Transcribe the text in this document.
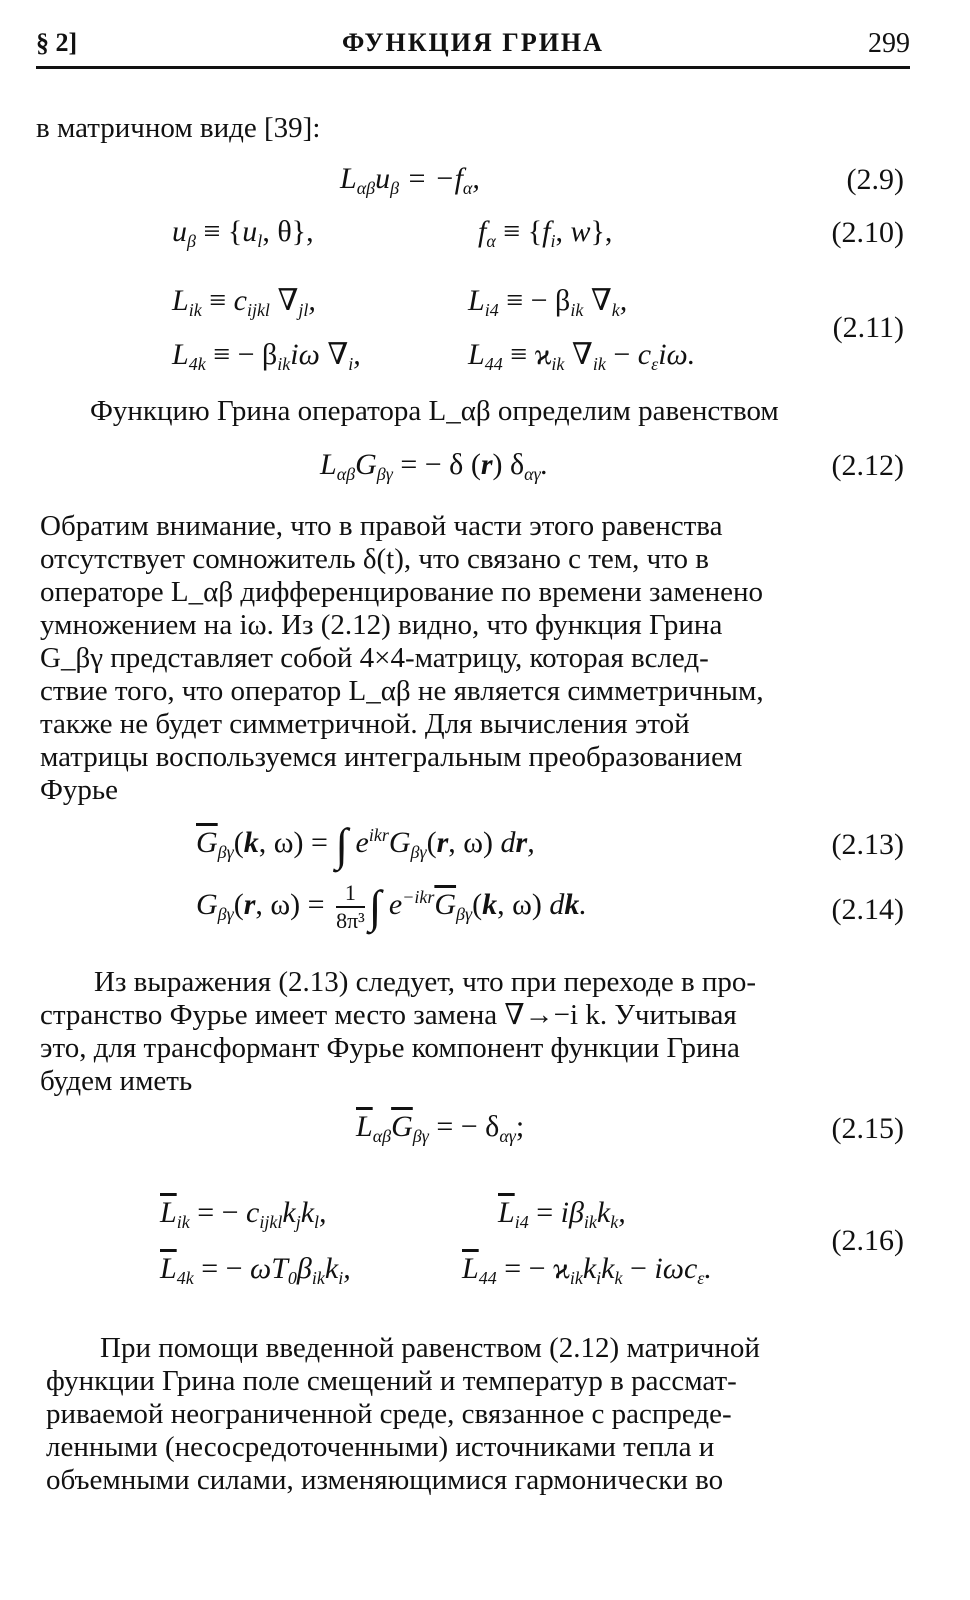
§ 2]	ФУНКЦИЯ ГРИНА	299
в матричном виде [39]:
$L_{\alpha\beta}u_\beta = -f_\alpha$,	(2.9)
$u_\beta \equiv \{u_l$, θ},	$f_\alpha \equiv \{f_i$, w},	(2.10)
$L_{ik} \equiv c_{ijkl}$ $\nabla_{jl}$,	$L_{i4}$ ≡ − $\beta_{ik}$ $\nabla_k$,
$L_{4k}$ ≡ − $\beta_{ik}i\omega$ $\nabla_i$,	$L_{44} \equiv ϰ_{ik}$ $\nabla_{ik} - c_\varepsilon i\omega$.
(2.11)
Функцию Грина оператора L_αβ определим равенством
$L_{\alpha\beta}G_{\beta\gamma}$ = − δ (r) $\delta_{\alpha\gamma}$.	(2.12)
Обратим внимание, что в правой части этого равенства
отсутствует сомножитель δ(t), что связано с тем, что в
операторе L_αβ дифференцирование по времени заменено
умножением на iω. Из (2.12) видно, что функция Грина
G_βγ представляет собой 4×4-матрицу, которая вслед-
ствие того, что оператор L_αβ не является симметричным,
также не будет симметричной. Для вычисления этой
матрицы воспользуемся интегральным преобразованием
Фурье
$\overline{G}_{\beta\gamma}(k$, ω) = ∫ $e^{ikr}G_{\beta\gamma}(r$, ω) dr,	(2.13)
$G_{\beta\gamma}(r$, $\omega) = \frac{1}{\text{8π³}}$ ∫ $e^{-ikr}\overline{G}_{\beta\gamma}(k$, ω) dk.	(2.14)
Из выражения (2.13) следует, что при переходе в про-
странство Фурье имеет место замена ∇→−i k. Учитывая
это, для трансформант Фурье компонент функции Грина
будем иметь
$\overline{L}_{\alpha\beta}\overline{G}_{\beta\gamma}$ = − $\delta_{\alpha\gamma}$;	(2.15)
$\overline{L}_{ik}$ = − $c_{ijkl}k_jk_l$,	$\overline{L}_{i4} = i\beta_{ik}k_k$,
$\overline{L}_{4k}$ = − $\omega T_0\beta_{ik}k_i$,	$\overline{L}_{44}$ = − $ϰ_{ik}k_ik_k - i\omega c_\varepsilon$.
(2.16)
При помощи введенной равенством (2.12) матричной
функции Грина поле смещений и температур в рассмат-
риваемой неограниченной среде, связанное с распреде-
ленными (несосредоточенными) источниками тепла и
объемными силами, изменяющимися гармонически во
